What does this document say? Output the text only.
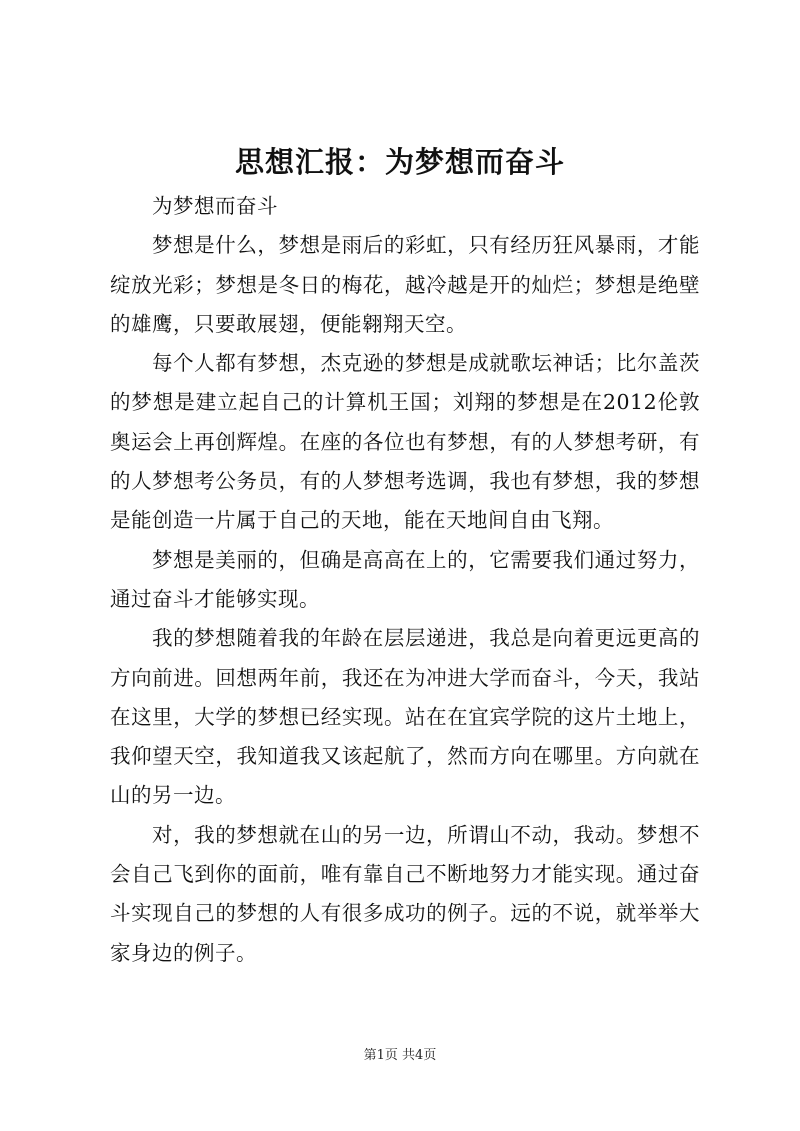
思想汇报：为梦想而奋斗

为梦想而奋斗

梦想是什么，梦想是雨后的彩虹，只有经历狂风暴雨，才能绽放光彩；梦想是冬日的梅花，越冷越是开的灿烂；梦想是绝壁的雄鹰，只要敢展翅，便能翱翔天空。

每个人都有梦想，杰克逊的梦想是成就歌坛神话；比尔盖茨的梦想是建立起自己的计算机王国；刘翔的梦想是在2012伦敦奥运会上再创辉煌。在座的各位也有梦想，有的人梦想考研，有的人梦想考公务员，有的人梦想考选调，我也有梦想，我的梦想是能创造一片属于自己的天地，能在天地间自由飞翔。

梦想是美丽的，但确是高高在上的，它需要我们通过努力，通过奋斗才能够实现。

我的梦想随着我的年龄在层层递进，我总是向着更远更高的方向前进。回想两年前，我还在为冲进大学而奋斗，今天，我站在这里，大学的梦想已经实现。站在在宜宾学院的这片土地上，我仰望天空，我知道我又该起航了，然而方向在哪里。方向就在山的另一边。

对，我的梦想就在山的另一边，所谓山不动，我动。梦想不会自己飞到你的面前，唯有靠自己不断地努力才能实现。通过奋斗实现自己的梦想的人有很多成功的例子。远的不说，就举举大家身边的例子。

第1页 共4页
